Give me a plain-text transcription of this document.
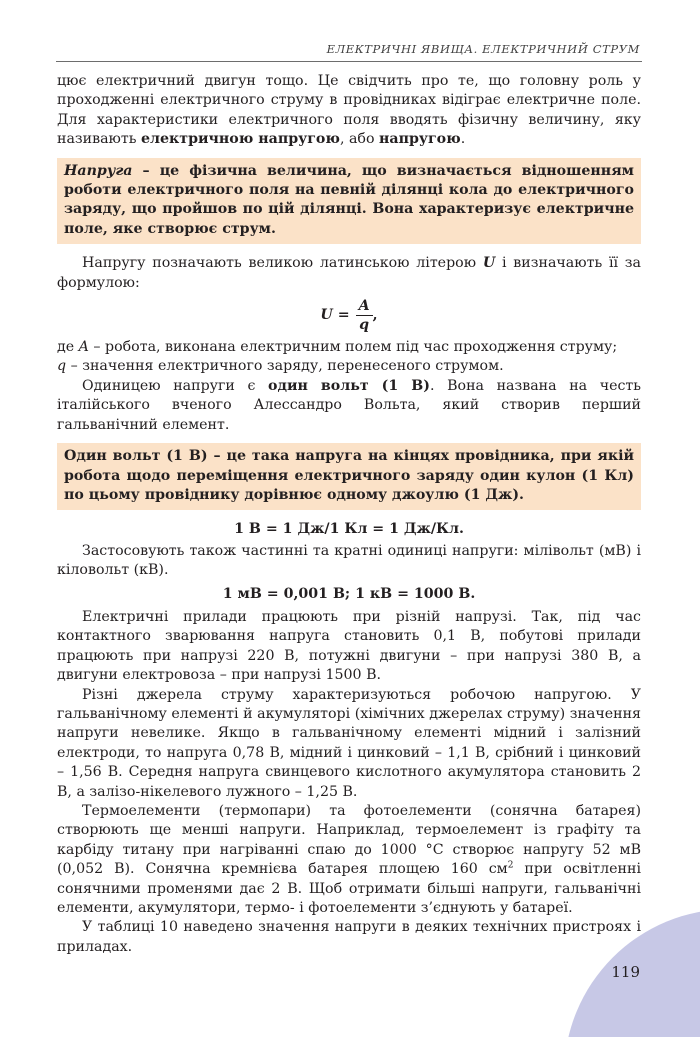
ЕЛЕКТРИЧНІ ЯВИЩА. ЕЛЕКТРИЧНИЙ СТРУМ

цює електричний двигун тощо. Це свідчить про те, що головну роль у проходженні електричного струму в провідниках відіграє електричне поле. Для характеристики електричного поля вводять фізичну величину, яку називають електричною напругою, або напругою.

Напруга – це фізична величина, що визначається відношенням роботи електричного поля на певній ділянці кола до електричного заряду, що пройшов по цій ділянці. Вона характеризує електричне поле, яке створює струм.

Напругу позначають великою латинською літерою U і визначають її за формулою:

$U = \frac{A}{q}$ ,

де A – робота, виконана електричним полем під час проходження струму;
q – значення електричного заряду, перенесеного струмом.

Одиницею напруги є один вольт (1 В). Вона названа на честь італійського вченого Алессандро Вольта, який створив перший гальванічний елемент.

Один вольт (1 В) – це така напруга на кінцях провідника, при якій робота щодо переміщення електричного заряду один кулон (1 Кл) по цьому провіднику дорівнює одному джоулю (1 Дж).
1 В = 1 Дж/1 Кл = 1 Дж/Кл.

Застосовують також частинні та кратні одиниці напруги: мілівольт (мВ) і кіловольт (кВ).

1 мВ = 0,001 В; 1 кВ = 1000 В.

Електричні прилади працюють при різній напрузі. Так, під час контактного зварювання напруга становить 0,1 В, побутові прилади працюють при напрузі 220 В, потужні двигуни – при напрузі 380 В, а двигуни електровоза – при напрузі 1500 В.

Різні джерела струму характеризуються робочою напругою. У гальванічному елементі й акумуляторі (хімічних джерелах струму) значення напруги невелике. Якщо в гальванічному елементі мідний і залізний електроди, то напруга 0,78 В, мідний і цинковий – 1,1 В, срібний і цинковий – 1,56 В. Середня напруга свинцевого кислотного акумулятора становить 2 В, а залізо-нікелевого лужного – 1,25 В.

Термоелементи (термопари) та фотоелементи (сонячна батарея) створюють ще менші напруги. Наприклад, термоелемент із графіту та карбіду титану при нагріванні спаю до 1000 °С створює напругу 52 мВ (0,052 В). Сонячна кремнієва батарея площею 160 $см^2$ при освітленні сонячними променями дає 2 В. Щоб отримати більші напруги, гальванічні елементи, акумулятори, термо- і фотоелементи з’єднують у батареї.

У таблиці 10 наведено значення напруги в деяких технічних пристроях і приладах.

119
